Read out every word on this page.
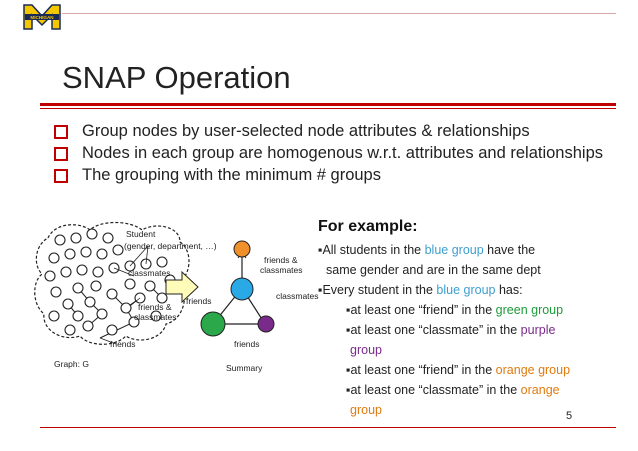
MICHIGAN
SNAP Operation
Group nodes by user-selected node attributes & relationships
Nodes in each group are homogenous w.r.t. attributes and relationships
The grouping with the minimum # groups
Student
(gender, department, …)
classmates
friends &
classmates
friends
Graph: G
friends &
classmates
classmates
friends
friends
Summary
For example:
▪All students in the blue group have the
same gender and are in the same dept
▪Every student in the blue group has:
▪at least one “friend” in the green group
▪at least one “classmate” in the purple
group
▪at least one “friend” in the orange group
▪at least one “classmate” in the orange
group	5
